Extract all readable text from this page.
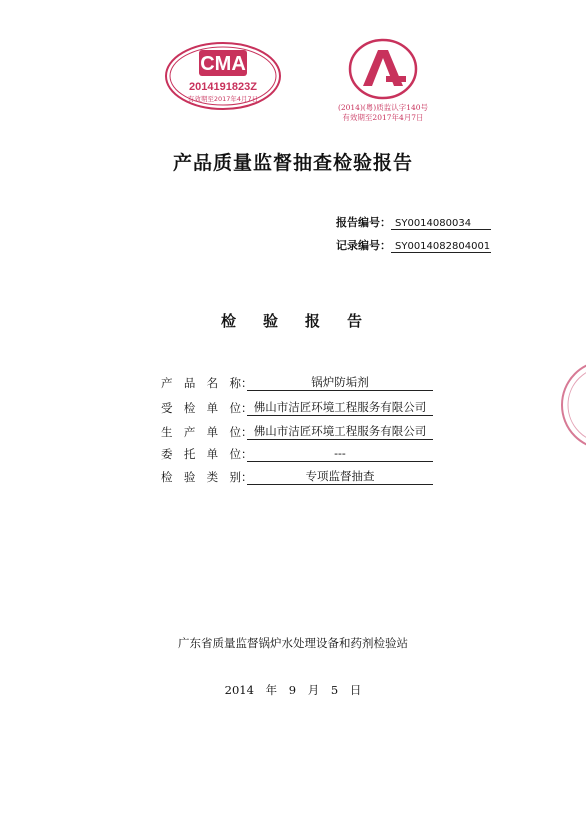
CMA
2014191823Z
有效期至2017年4月7日
(2014)(粤)质监认字140号
有效期至2017年4月7日
产品质量监督抽查检验报告
报告编号： SY0014080034
记录编号： SY0014082804001
检验报告
产品名称：	锅炉防垢剂
受检单位：佛山市洁匠环境工程服务有限公司
生产单位：佛山市洁匠环境工程服务有限公司
委托单位：	---
检验类别：	专项监督抽查
广东省质量监督锅炉水处理设备和药剂检验站
2014 年 9 月 5 日
